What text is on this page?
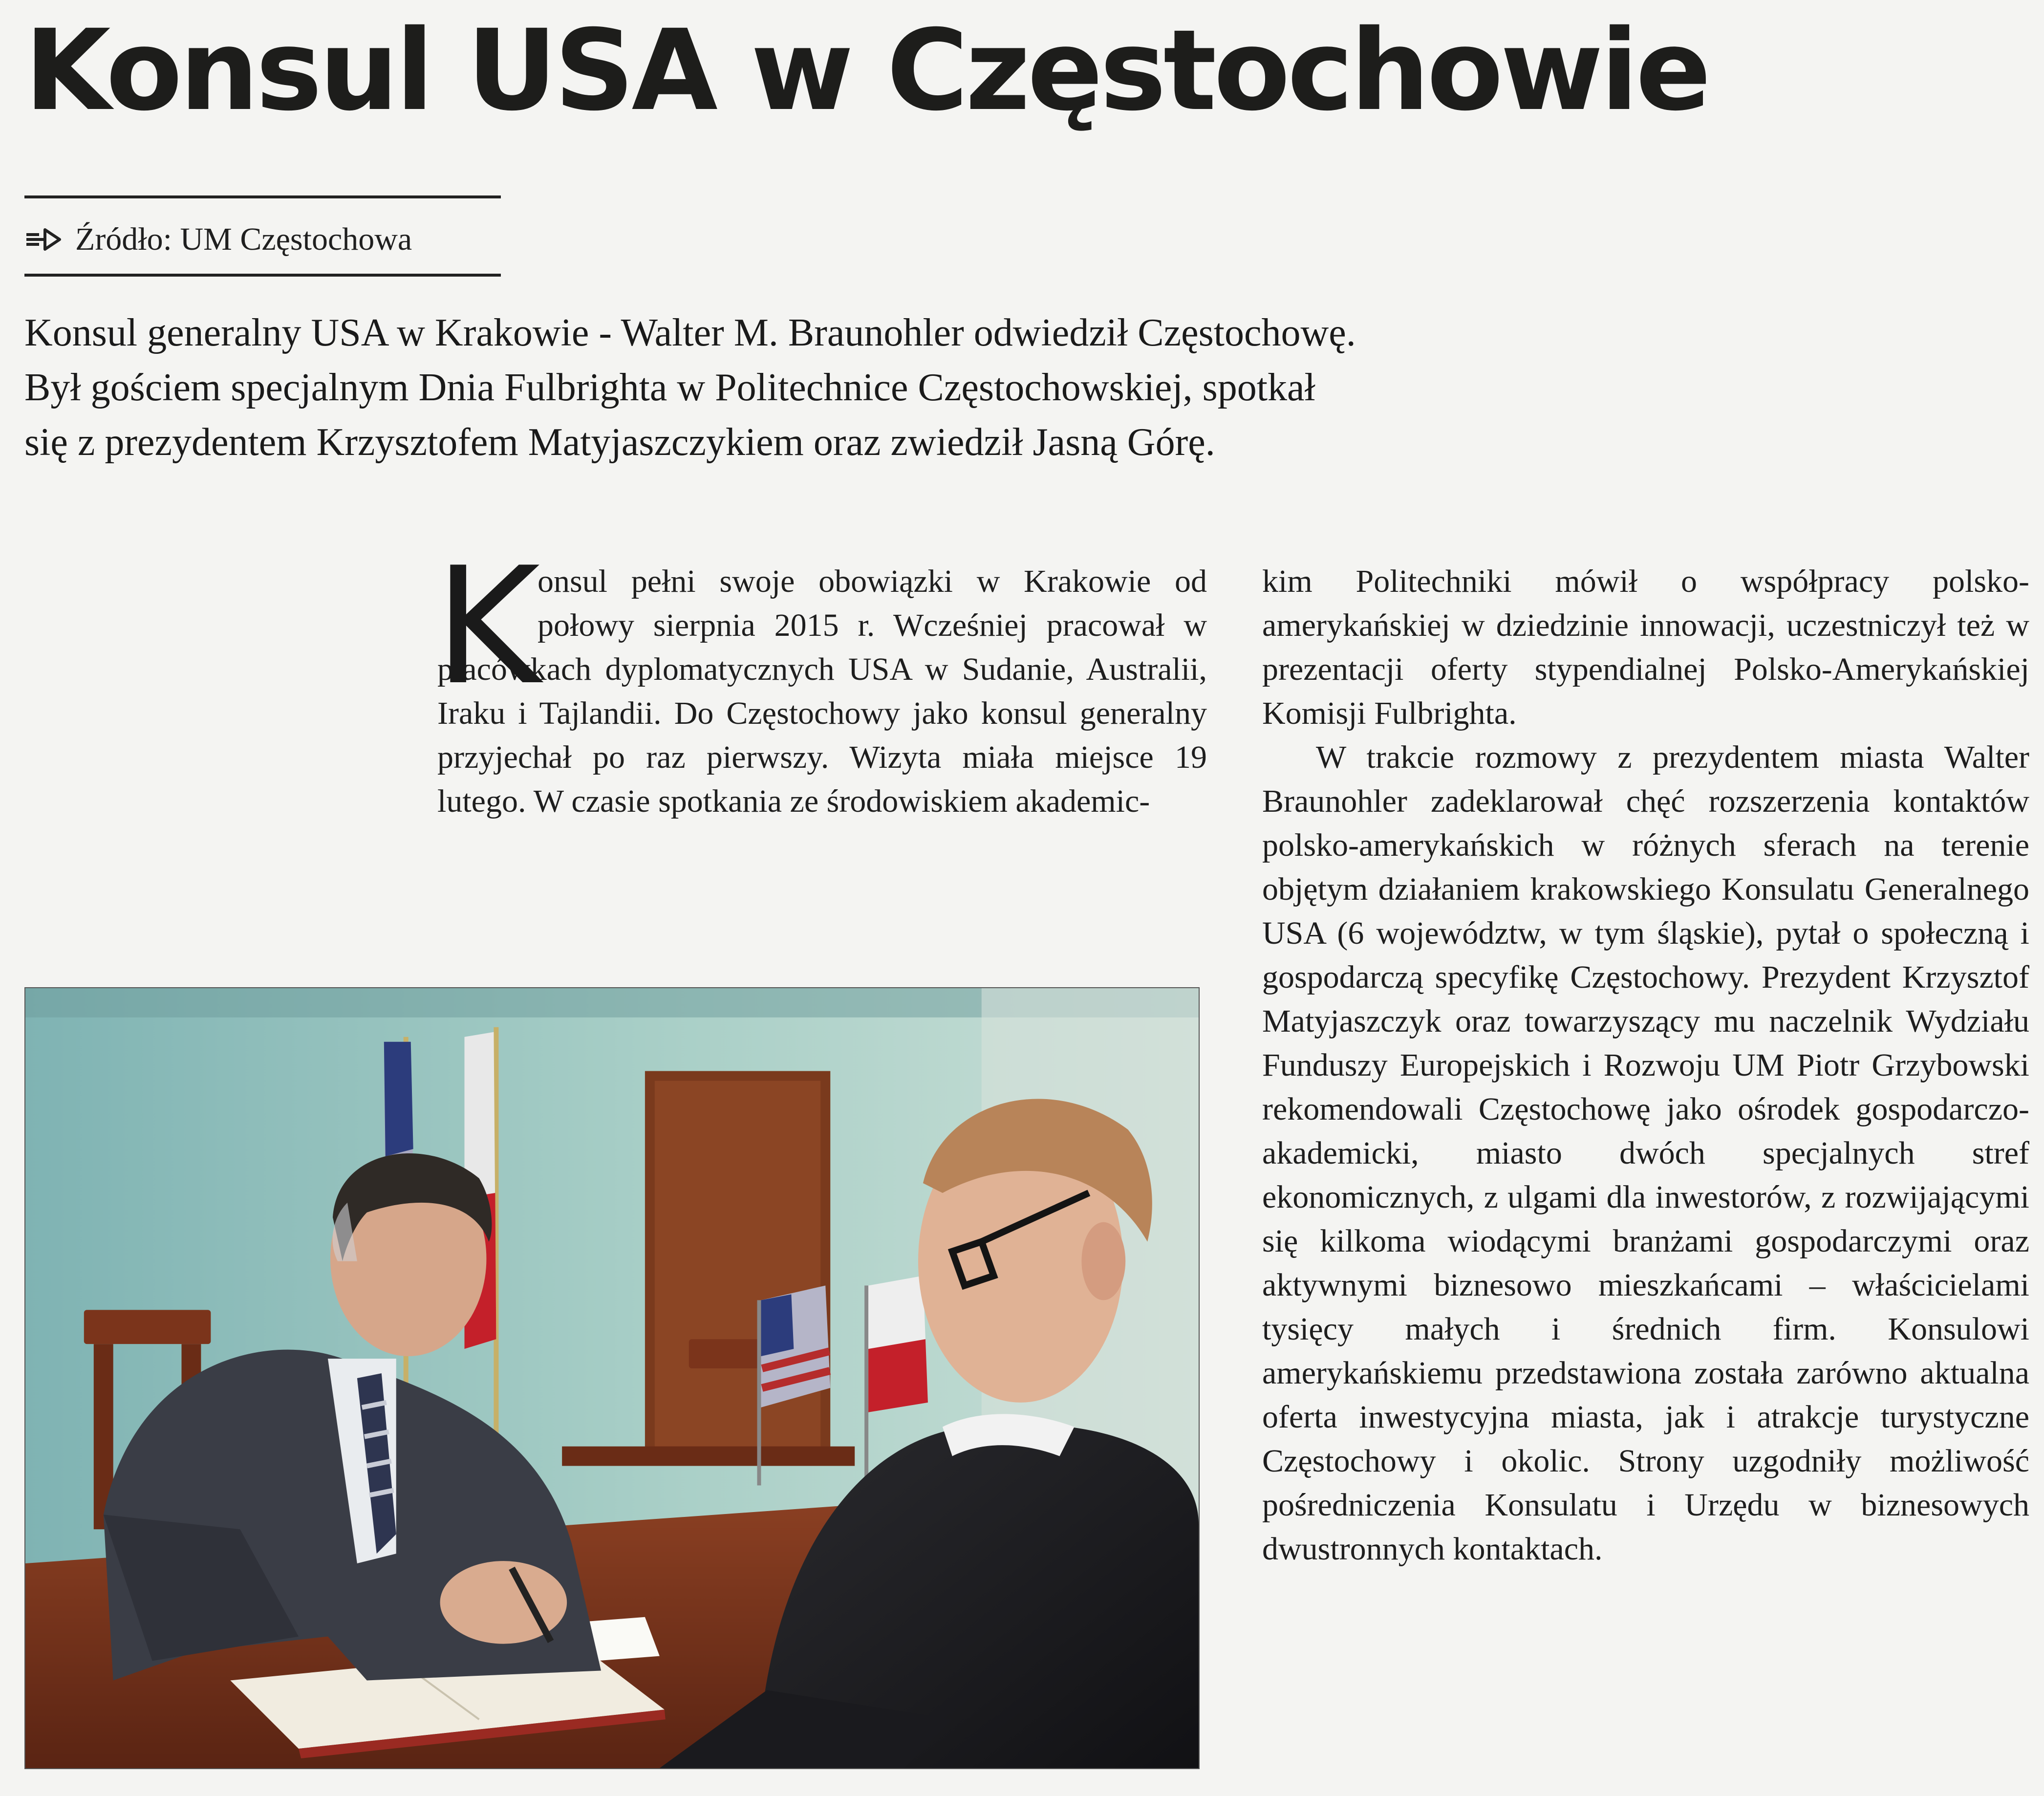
Konsul USA w Częstochowie
Źródło: UM Częstochowa
Konsul generalny USA w Krakowie - Walter M. Braunohler odwiedził Częstochowę.
Był gościem specjalnym Dnia Fulbrighta w Politechnice Częstochowskiej, spotkał
się z prezydentem Krzysztofem Matyjaszczykiem oraz zwiedził Jasną Górę.
K

onsul pełni swoje obowiązki w Krakowie od połowy sierpnia 2015 r. Wcześniej pracował w placówkach dyplomatycznych USA w Sudanie, Australii, Iraku i Tajlandii. Do Częstochowy jako konsul generalny przyjechał po raz pierwszy. Wizyta miała miejsce 19 lutego. W czasie spotkania ze środowiskiem akademic-

kim Politechniki mówił o współpracy polsko-amerykańskiej w dziedzinie innowacji, uczestniczył też w prezentacji oferty stypendialnej Polsko-Amerykańskiej Komisji Fulbrighta.

W trakcie rozmowy z prezydentem miasta Walter Braunohler zadeklarował chęć rozszerzenia kontaktów polsko-amerykańskich w różnych sferach na terenie objętym działaniem krakowskiego Konsulatu Generalnego USA (6 województw, w tym śląskie), pytał o społeczną i gospodarczą specyfikę Częstochowy. Prezydent Krzysztof Matyjaszczyk oraz towarzyszący mu naczelnik Wydziału Funduszy Europejskich i Rozwoju UM Piotr Grzybowski rekomendowali Częstochowę jako ośrodek gospodarczo-akademicki, miasto dwóch specjalnych stref ekonomicznych, z ulgami dla inwestorów, z rozwijającymi się kilkoma wiodącymi branżami gospodarczymi oraz aktywnymi biznesowo mieszkańcami – właścicielami tysięcy małych i średnich firm. Konsulowi amerykańskiemu przedstawiona została zarówno aktualna oferta inwestycyjna miasta, jak i atrakcje turystyczne Częstochowy i okolic. Strony uzgodniły możliwość pośredniczenia Konsulatu i Urzędu w biznesowych dwustronnych kontaktach.
